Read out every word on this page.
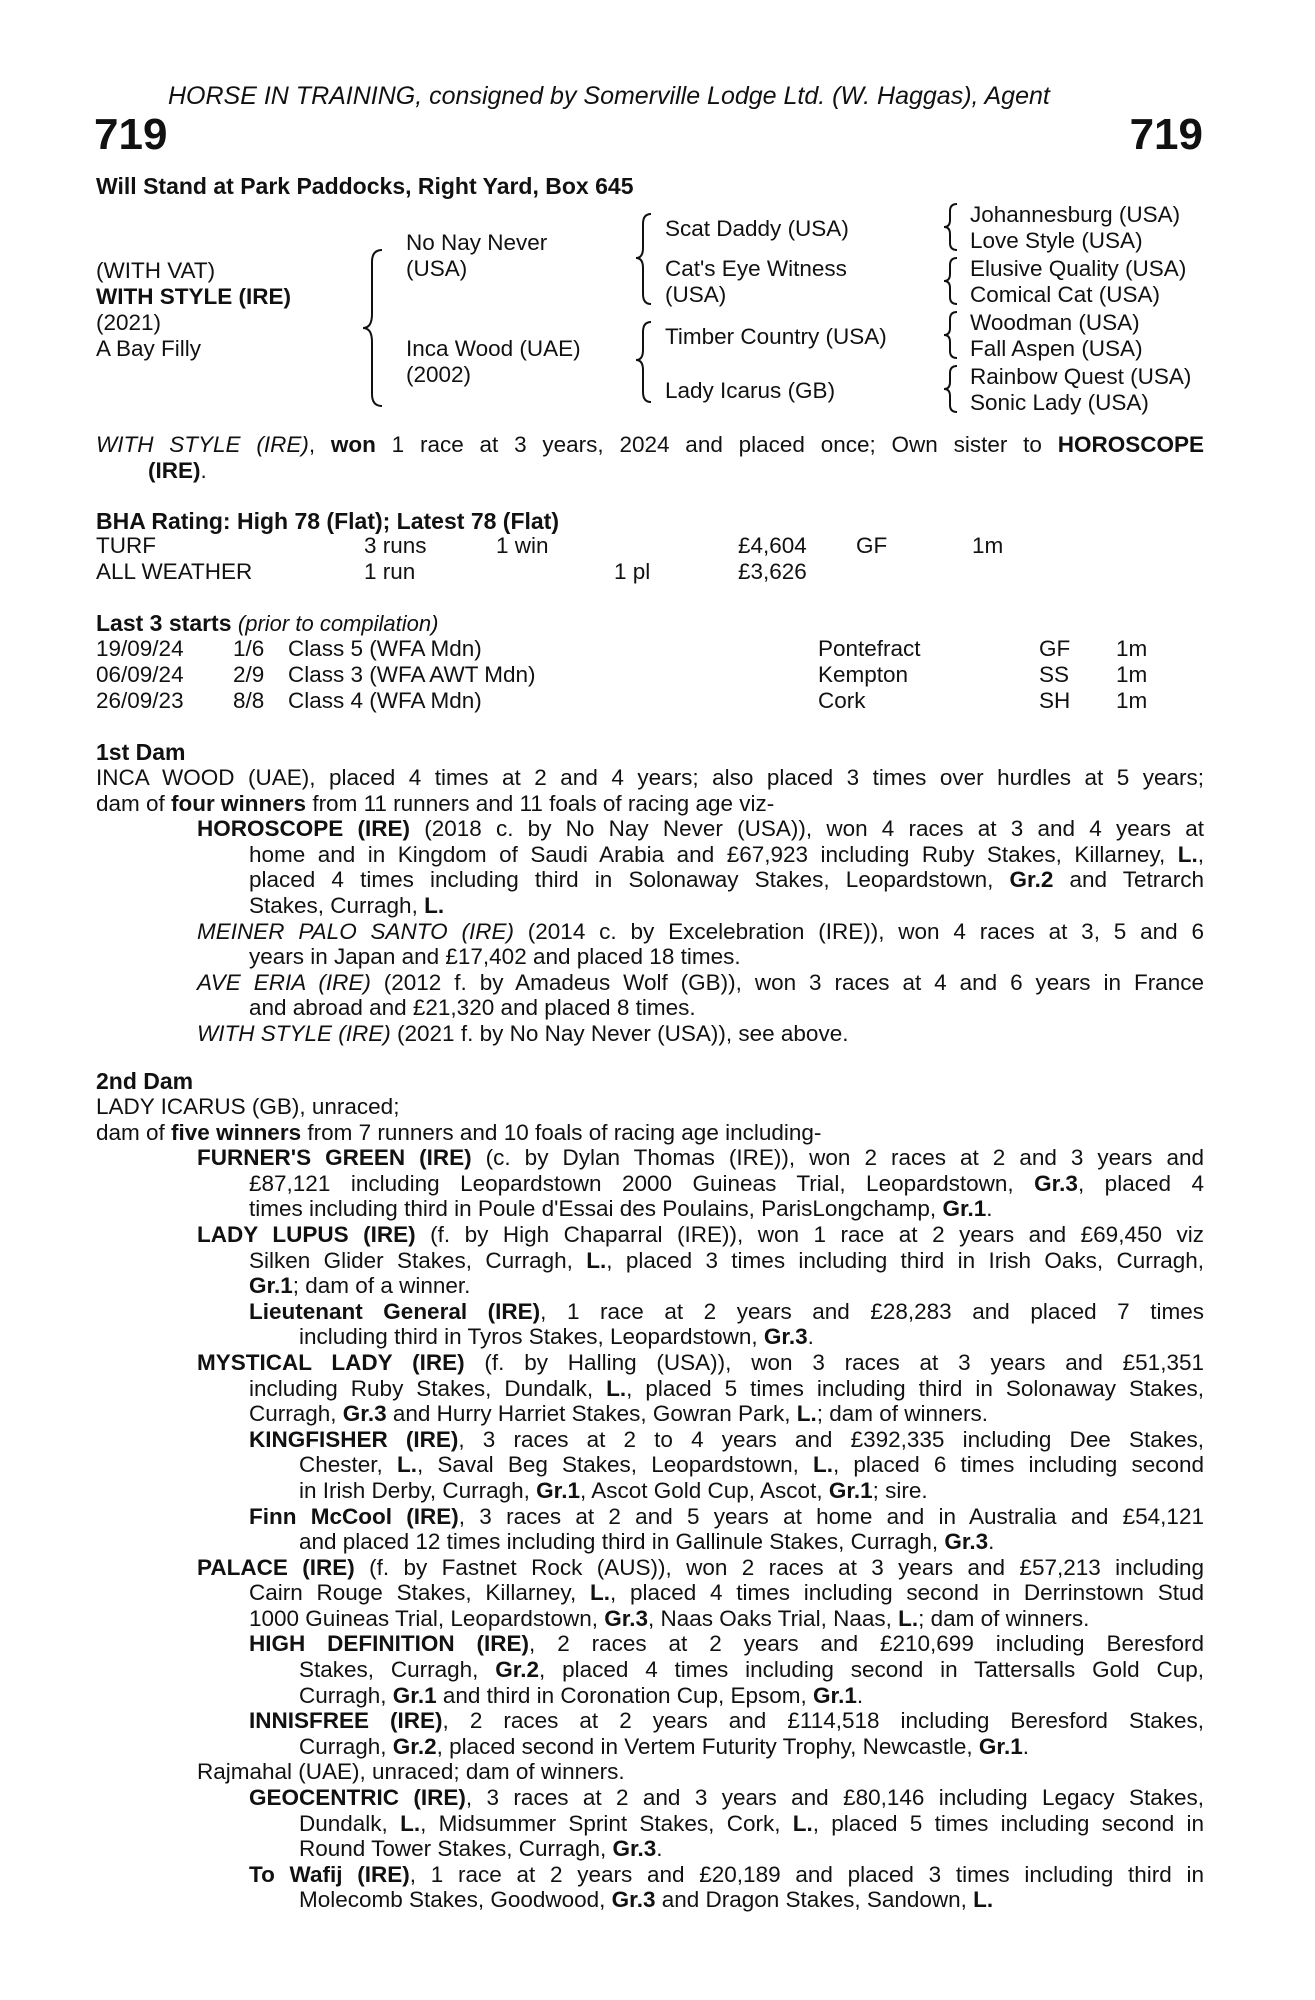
HORSE IN TRAINING, consigned by Somerville Lodge Ltd. (W. Haggas), Agent
719	719
Will Stand at Park Paddocks, Right Yard, Box 645
(WITH VAT)
WITH STYLE (IRE)
(2021)
A Bay Filly
No Nay Never
(USA)
Inca Wood (UAE)
(2002)
Scat Daddy (USA)
Cat's Eye Witness
(USA)
Timber Country (USA)
Lady Icarus (GB)
Johannesburg (USA)
Love Style (USA)
Elusive Quality (USA)
Comical Cat (USA)
Woodman (USA)
Fall Aspen (USA)
Rainbow Quest (USA)
Sonic Lady (USA)

WITH STYLE (IRE), won 1 race at 3 years, 2024 and placed once; Own sister to HOROSCOPE

(IRE).

BHA Rating: High 78 (Flat); Latest 78 (Flat)
TURF	3 runs	1 win	£4,604 GF	1m
ALL WEATHER	1 run	1 pl	£3,626
Last 3 starts (prior to compilation)
19/09/24 1/6 Class 5 (WFA Mdn)	Pontefract	GF 1m
06/09/24 2/9 Class 3 (WFA AWT Mdn)	Kempton	SS 1m
26/09/23 8/8 Class 4 (WFA Mdn)	Cork	SH 1m
1st Dam

INCA WOOD (UAE), placed 4 times at 2 and 4 years; also placed 3 times over hurdles at 5 years;

dam of four winners from 11 runners and 11 foals of racing age viz-

HOROSCOPE (IRE) (2018 c. by No Nay Never (USA)), won 4 races at 3 and 4 years at

home and in Kingdom of Saudi Arabia and £67,923 including Ruby Stakes, Killarney, L.,

placed 4 times including third in Solonaway Stakes, Leopardstown, Gr.2 and Tetrarch

Stakes, Curragh, L.

MEINER PALO SANTO (IRE) (2014 c. by Excelebration (IRE)), won 4 races at 3, 5 and 6

years in Japan and £17,402 and placed 18 times.

AVE ERIA (IRE) (2012 f. by Amadeus Wolf (GB)), won 3 races at 4 and 6 years in France

and abroad and £21,320 and placed 8 times.

WITH STYLE (IRE) (2021 f. by No Nay Never (USA)), see above.

2nd Dam

LADY ICARUS (GB), unraced;

dam of five winners from 7 runners and 10 foals of racing age including-

FURNER'S GREEN (IRE) (c. by Dylan Thomas (IRE)), won 2 races at 2 and 3 years and

£87,121 including Leopardstown 2000 Guineas Trial, Leopardstown, Gr.3, placed 4

times including third in Poule d'Essai des Poulains, ParisLongchamp, Gr.1.

LADY LUPUS (IRE) (f. by High Chaparral (IRE)), won 1 race at 2 years and £69,450 viz

Silken Glider Stakes, Curragh, L., placed 3 times including third in Irish Oaks, Curragh,

Gr.1; dam of a winner.

Lieutenant General (IRE), 1 race at 2 years and £28,283 and placed 7 times

including third in Tyros Stakes, Leopardstown, Gr.3.

MYSTICAL LADY (IRE) (f. by Halling (USA)), won 3 races at 3 years and £51,351

including Ruby Stakes, Dundalk, L., placed 5 times including third in Solonaway Stakes,

Curragh, Gr.3 and Hurry Harriet Stakes, Gowran Park, L.; dam of winners.

KINGFISHER (IRE), 3 races at 2 to 4 years and £392,335 including Dee Stakes,

Chester, L., Saval Beg Stakes, Leopardstown, L., placed 6 times including second

in Irish Derby, Curragh, Gr.1, Ascot Gold Cup, Ascot, Gr.1; sire.

Finn McCool (IRE), 3 races at 2 and 5 years at home and in Australia and £54,121

and placed 12 times including third in Gallinule Stakes, Curragh, Gr.3.

PALACE (IRE) (f. by Fastnet Rock (AUS)), won 2 races at 3 years and £57,213 including

Cairn Rouge Stakes, Killarney, L., placed 4 times including second in Derrinstown Stud

1000 Guineas Trial, Leopardstown, Gr.3, Naas Oaks Trial, Naas, L.; dam of winners.

HIGH DEFINITION (IRE), 2 races at 2 years and £210,699 including Beresford

Stakes, Curragh, Gr.2, placed 4 times including second in Tattersalls Gold Cup,

Curragh, Gr.1 and third in Coronation Cup, Epsom, Gr.1.

INNISFREE (IRE), 2 races at 2 years and £114,518 including Beresford Stakes,

Curragh, Gr.2, placed second in Vertem Futurity Trophy, Newcastle, Gr.1.

Rajmahal (UAE), unraced; dam of winners.

GEOCENTRIC (IRE), 3 races at 2 and 3 years and £80,146 including Legacy Stakes,

Dundalk, L., Midsummer Sprint Stakes, Cork, L., placed 5 times including second in

Round Tower Stakes, Curragh, Gr.3.

To Wafij (IRE), 1 race at 2 years and £20,189 and placed 3 times including third in

Molecomb Stakes, Goodwood, Gr.3 and Dragon Stakes, Sandown, L.
